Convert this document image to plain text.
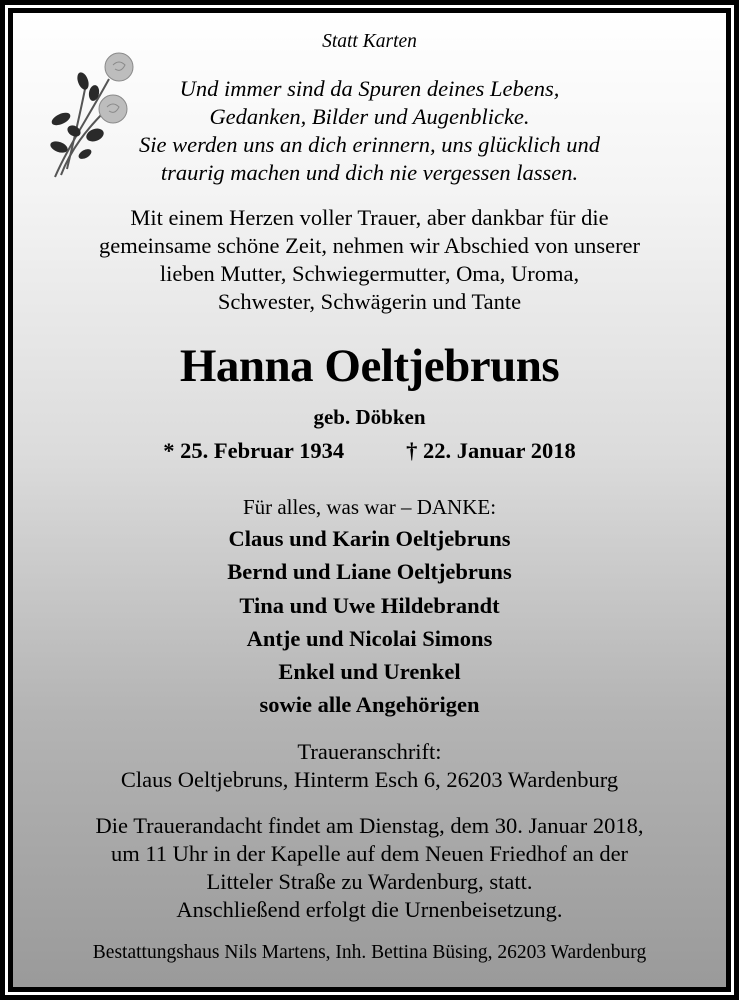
Statt Karten
Und immer sind da Spuren deines Lebens,
Gedanken, Bilder und Augenblicke.
Sie werden uns an dich erinnern, uns glücklich und
traurig machen und dich nie vergessen lassen.
Mit einem Herzen voller Trauer, aber dankbar für die
gemeinsame schöne Zeit, nehmen wir Abschied von unserer
lieben Mutter, Schwiegermutter, Oma, Uroma,
Schwester, Schwägerin und Tante
Hanna Oeltjebruns
geb. Döbken
* 25. Februar 1934	† 22. Januar 2018
Für alles, was war – DANKE:
Claus und Karin Oeltjebruns
Bernd und Liane Oeltjebruns
Tina und Uwe Hildebrandt
Antje und Nicolai Simons
Enkel und Urenkel
sowie alle Angehörigen
Traueranschrift:
Claus Oeltjebruns, Hinterm Esch 6, 26203 Wardenburg
Die Trauerandacht findet am Dienstag, dem 30. Januar 2018,
um 11 Uhr in der Kapelle auf dem Neuen Friedhof an der
Litteler Straße zu Wardenburg, statt.
Anschließend erfolgt die Urnenbeisetzung.
Bestattungshaus Nils Martens, Inh. Bettina Büsing, 26203 Wardenburg
